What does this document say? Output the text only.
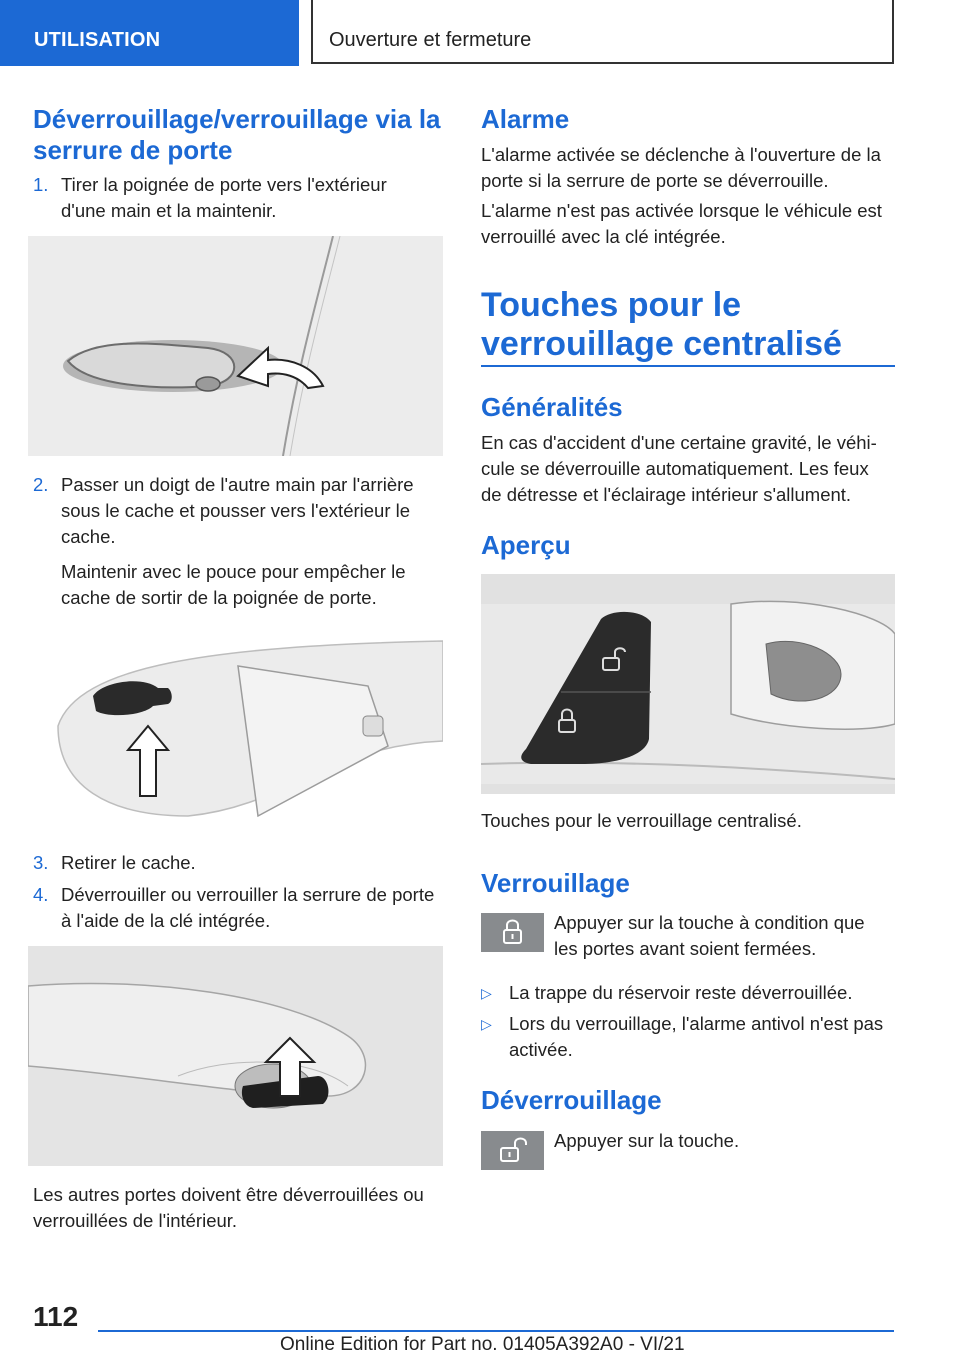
UTILISATION	Ouverture et fermeture
Déverrouillage/verrouillage via la
serrure de porte
1. Tirer la poignée de porte vers l'extérieur
d'une main et la maintenir.
2. Passer un doigt de l'autre main par l'arrière
sous le cache et pousser vers l'extérieur le
cache.
Maintenir avec le pouce pour empêcher le
cache de sortir de la poignée de porte.
3. Retirer le cache.
4. Déverrouiller ou verrouiller la serrure de porte
à l'aide de la clé intégrée.
Les autres portes doivent être déverrouillées ou
verrouillées de l'intérieur.
Alarme
L'alarme activée se déclenche à l'ouverture de la
porte si la serrure de porte se déverrouille.
L'alarme n'est pas activée lorsque le véhicule est
verrouillé avec la clé intégrée.
Touches pour le
verrouillage centralisé
Généralités
En cas d'accident d'une certaine gravité, le véhi‐
cule se déverrouille automatiquement. Les feux
de détresse et l'éclairage intérieur s'allument.
Aperçu
Touches pour le verrouillage centralisé.
Verrouillage
Appuyer sur la touche à condition que
les portes avant soient fermées.
▷ La trappe du réservoir reste déverrouillée.
▷ Lors du verrouillage, l'alarme antivol n'est pas
activée.
Déverrouillage
Appuyer sur la touche.
112
Online Edition for Part no. 01405A392A0 - VI/21
